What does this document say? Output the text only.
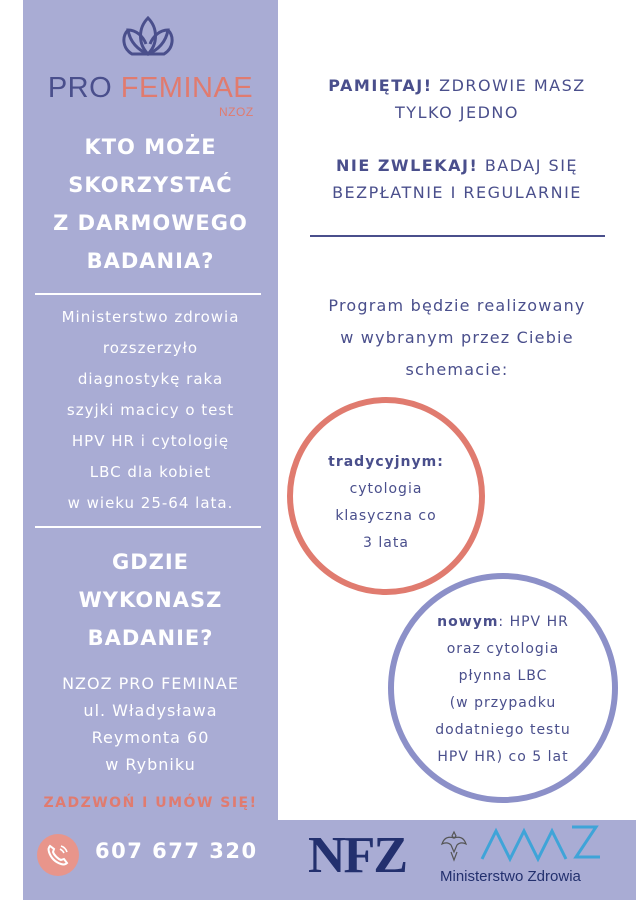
PRO FEMINAE
NZOZ
KTO MOŻE
SKORZYSTAĆ
Z DARMOWEGO
BADANIA?
Ministerstwo zdrowia
rozszerzyło
diagnostykę raka
szyjki macicy o test
HPV HR i cytologię
LBC dla kobiet
w wieku 25-64 lata.
GDZIE
WYKONASZ
BADANIE?
NZOZ PRO FEMINAE
ul. Władysława
Reymonta 60
w Rybniku
ZADZWOŃ I UMÓW SIĘ!
607 677 320
PAMIĘTAJ! ZDROWIE MASZ
TYLKO JEDNO
NIE ZWLEKAJ! BADAJ SIĘ
BEZPŁATNIE I REGULARNIE
Program będzie realizowany
w wybranym przez Ciebie
schemacie:
tradycyjnym:
cytologia
klasyczna co
3 lata
nowym: HPV HR
oraz cytologia
płynna LBC
(w przypadku
dodatniego testu
HPV HR) co 5 lat
NFZ Ministerstwo Zdrowia
